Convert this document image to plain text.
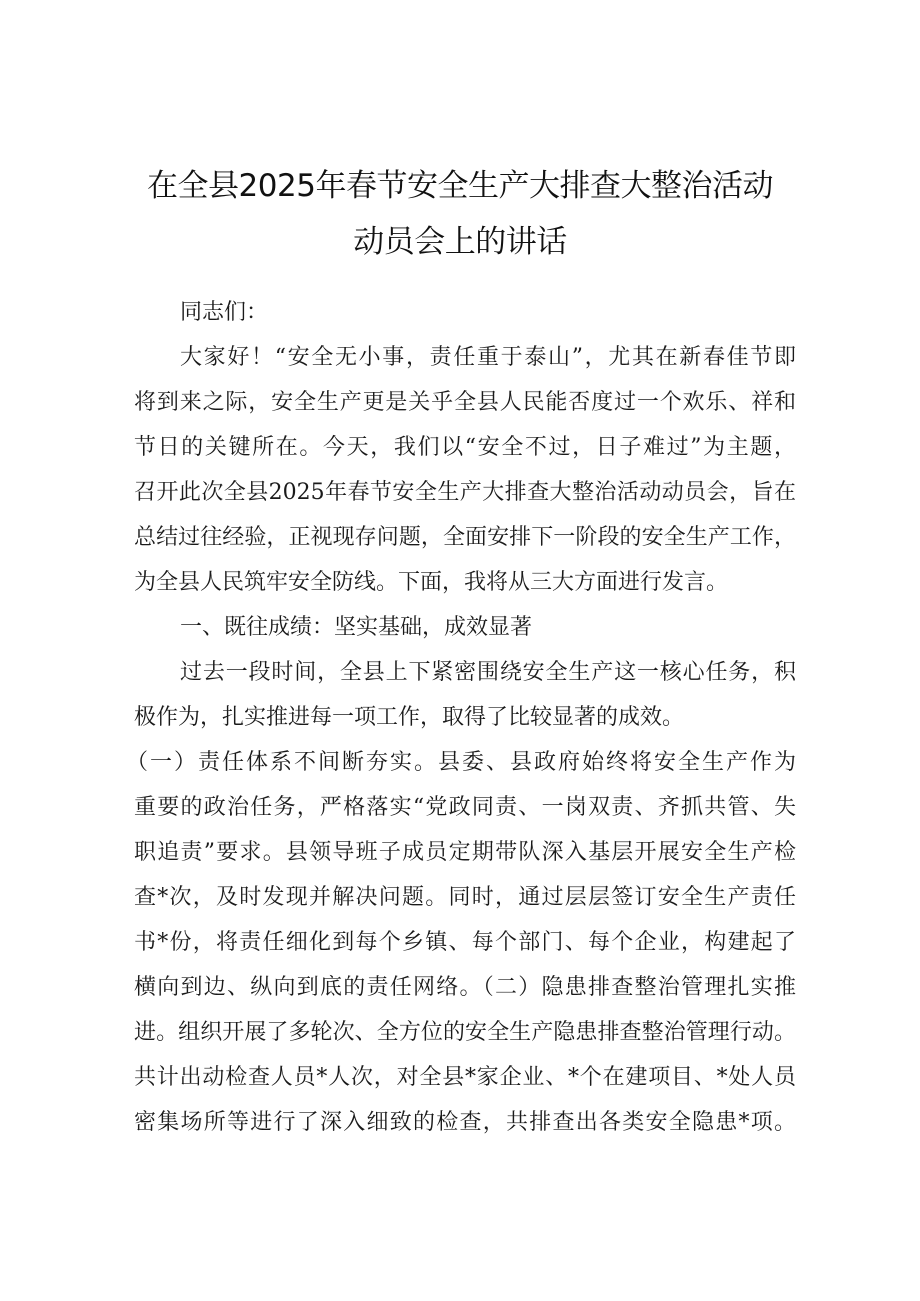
在全县2025年春节安全生产大排查大整治活动
动员会上的讲话

同志们：

大家好！“安全无小事，责任重于泰山”，尤其在新春佳节即

将到来之际，安全生产更是关乎全县人民能否度过一个欢乐、祥和

节日的关键所在。今天，我们以“安全不过，日子难过”为主题，

召开此次全县2025年春节安全生产大排查大整治活动动员会，旨在

总结过往经验，正视现存问题，全面安排下一阶段的安全生产工作，

为全县人民筑牢安全防线。下面，我将从三大方面进行发言。

一、既往成绩：坚实基础，成效显著

过去一段时间，全县上下紧密围绕安全生产这一核心任务，积

极作为，扎实推进每一项工作，取得了比较显著的成效。

（一）责任体系不间断夯实。县委、县政府始终将安全生产作为

重要的政治任务，严格落实“党政同责、一岗双责、齐抓共管、失

职追责”要求。县领导班子成员定期带队深入基层开展安全生产检

查*次，及时发现并解决问题。同时，通过层层签订安全生产责任

书*份，将责任细化到每个乡镇、每个部门、每个企业，构建起了

横向到边、纵向到底的责任网络。（二）隐患排查整治管理扎实推

进。组织开展了多轮次、全方位的安全生产隐患排查整治管理行动。

共计出动检查人员*人次，对全县*家企业、*个在建项目、*处人员

密集场所等进行了深入细致的检查，共排查出各类安全隐患*项。
